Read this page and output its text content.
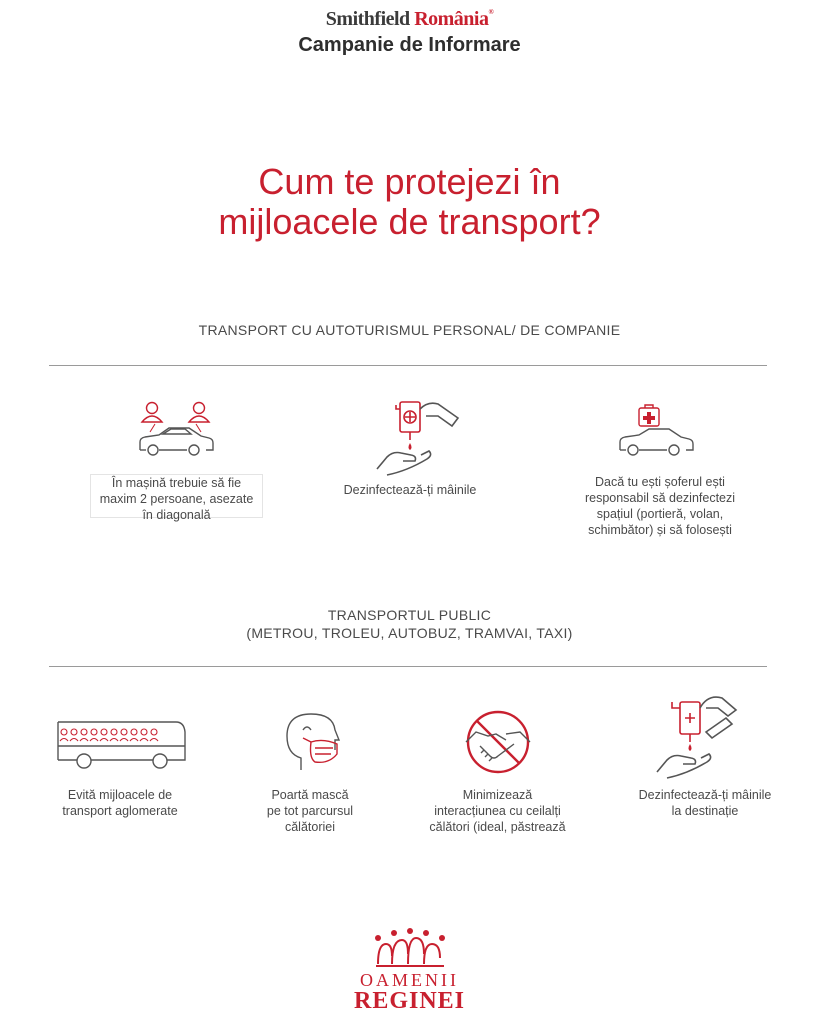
Smithfield România®
Campanie de Informare
Cum te protejezi în
mijloacele de transport?
TRANSPORT CU AUTOTURISMUL PERSONAL/ DE COMPANIE
În mașină trebuie să fie
maxim 2 persoane, asezate
în diagonală
Dezinfectează-ți mâinile
Dacă tu ești șoferul ești
responsabil să dezinfectezi
spațiul (portieră, volan,
schimbător) și să folosești
TRANSPORTUL PUBLIC
(METROU, TROLEU, AUTOBUZ, TRAMVAI, TAXI)
Evită mijloacele de
transport aglomerate
Poartă mască
pe tot parcursul
călătoriei
Minimizează
interacțiunea cu ceilalți
călători (ideal, păstrează
Dezinfectează-ți mâinile
la destinație
OAMENII
REGINEI
